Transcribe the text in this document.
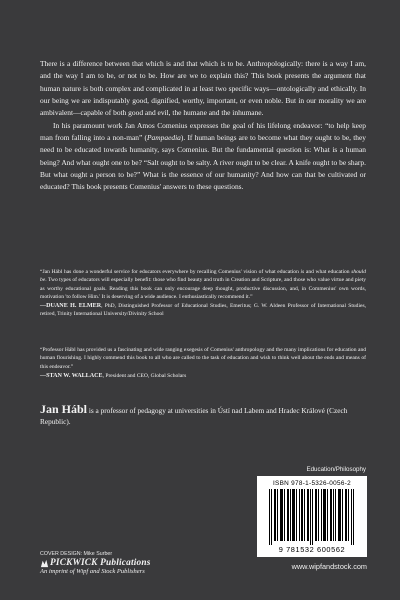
There is a difference between that which is and that which is to be. Anthropologically: there is a way I am, and the way I am to be, or not to be. How are we to explain this? This book presents the argument that human nature is both complex and complicated in at least two specific ways—ontologically and ethically. In our being we are indisputably good, dignified, worthy, important, or even noble. But in our morality we are ambivalent—capable of both good and evil, the humane and the inhumane.

In his paramount work Jan Amos Comenius expresses the goal of his lifelong endeavor: “to help keep man from falling into a non-man” (Pampaedia). If human beings are to become what they ought to be, they need to be educated towards humanity, says Comenius. But the fundamental question is: What is a human being? And what ought one to be? “Salt ought to be salty. A river ought to be clear. A knife ought to be sharp. But what ought a person to be?” What is the essence of our humanity? And how can that be cultivated or educated? This book presents Comenius' answers to these questions.

“Jan Hábl has done a wonderful service for educators everywhere by recalling Comenius' vision of what education is and what education should be. Two types of educators will especially benefit: those who find beauty and truth in Creation and Scripture, and those who value virtue and piety as worthy educational goals. Reading this book can only encourage deep thought, productive discussion, and, in Commenius' own words, motivation 'to follow Him.' It is deserving of a wide audience. I enthusiastically recommend it.”

—DUANE H. ELMER, PhD, Distinguished Professor of Educational Studies, Emeritus; G. W. Aldeen Professor of International Studies, retired, Trinity International University/Divinity School

“Professor Hábl has provided us a fascinating and wide ranging exegesis of Comenius' anthropology and the many implications for education and human flourishing. I highly commend this book to all who are called to the task of education and wish to think well about the ends and means of this endeavor.”

—STAN W. WALLACE, President and CEO, Global Scholars

Jan Hábl is a professor of pedagogy at universities in Ústí nad Labem and Hradec Králové (Czech Republic).
Education/Philosophy
ISBN 978-1-5326-0056-2
9 781532 600562
www.wipfandstock.com
COVER DESIGN: Mike Surber
PICKWICK Publications
An imprint of Wipf and Stock Publishers
